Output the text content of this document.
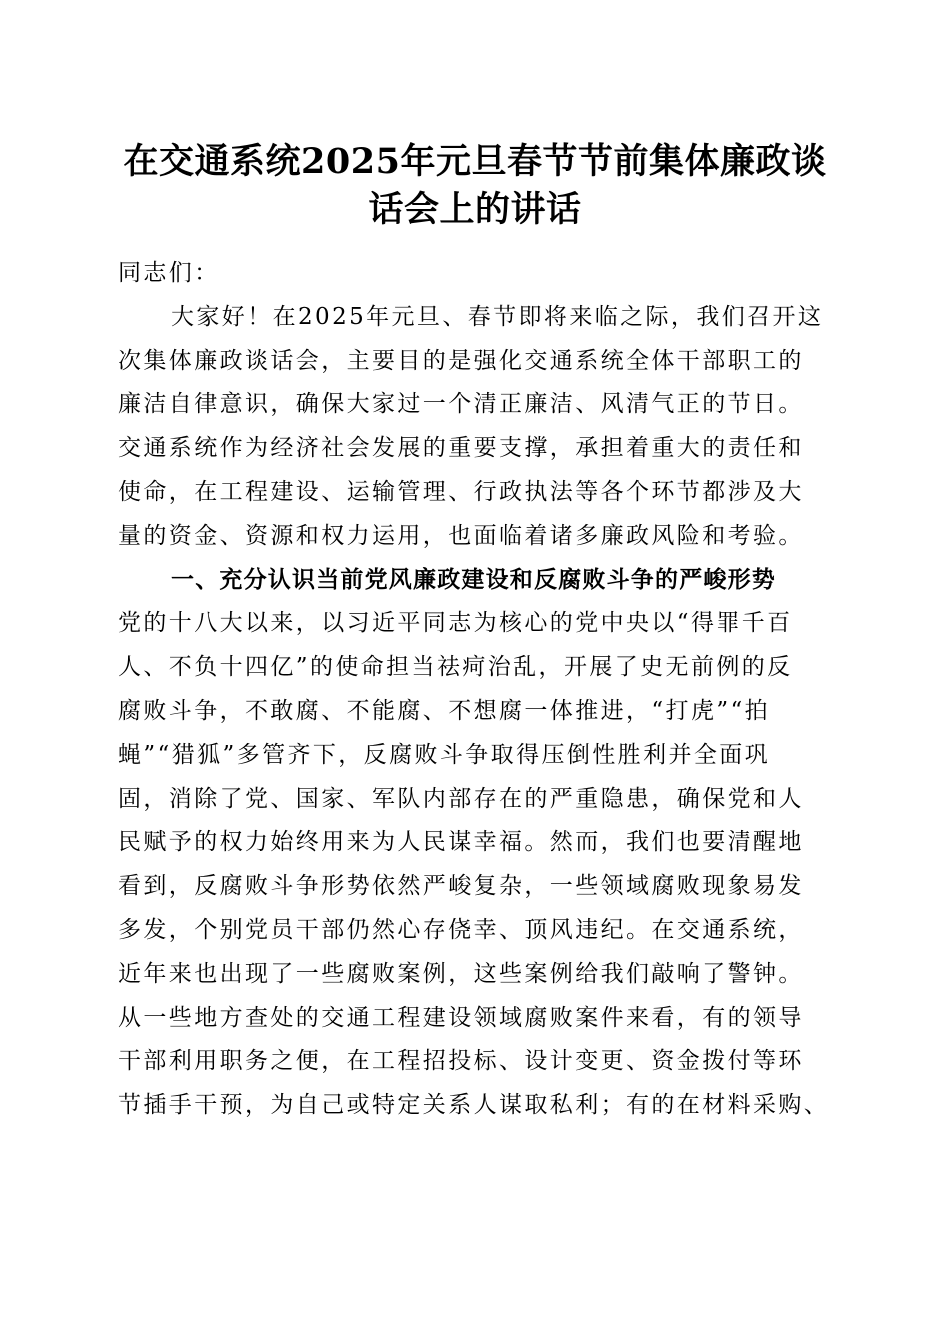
在交通系统2025年元旦春节节前集体廉政谈
话会上的讲话
同志们：
大家好！在2025年元旦、春节即将来临之际，我们召开这
次集体廉政谈话会，主要目的是强化交通系统全体干部职工的
廉洁自律意识，确保大家过一个清正廉洁、风清气正的节日。
交通系统作为经济社会发展的重要支撑，承担着重大的责任和
使命，在工程建设、运输管理、行政执法等各个环节都涉及大
量的资金、资源和权力运用，也面临着诸多廉政风险和考验。
一、充分认识当前党风廉政建设和反腐败斗争的严峻形势
党的十八大以来，以习近平同志为核心的党中央以“得罪千百
人、不负十四亿”的使命担当祛疴治乱，开展了史无前例的反
腐败斗争，不敢腐、不能腐、不想腐一体推进，“打虎”“拍
蝇”“猎狐”多管齐下，反腐败斗争取得压倒性胜利并全面巩
固，消除了党、国家、军队内部存在的严重隐患，确保党和人
民赋予的权力始终用来为人民谋幸福。然而，我们也要清醒地
看到，反腐败斗争形势依然严峻复杂，一些领域腐败现象易发
多发，个别党员干部仍然心存侥幸、顶风违纪。在交通系统，
近年来也出现了一些腐败案例，这些案例给我们敲响了警钟。
从一些地方查处的交通工程建设领域腐败案件来看，有的领导
干部利用职务之便，在工程招投标、设计变更、资金拨付等环
节插手干预，为自己或特定关系人谋取私利；有的在材料采购、
